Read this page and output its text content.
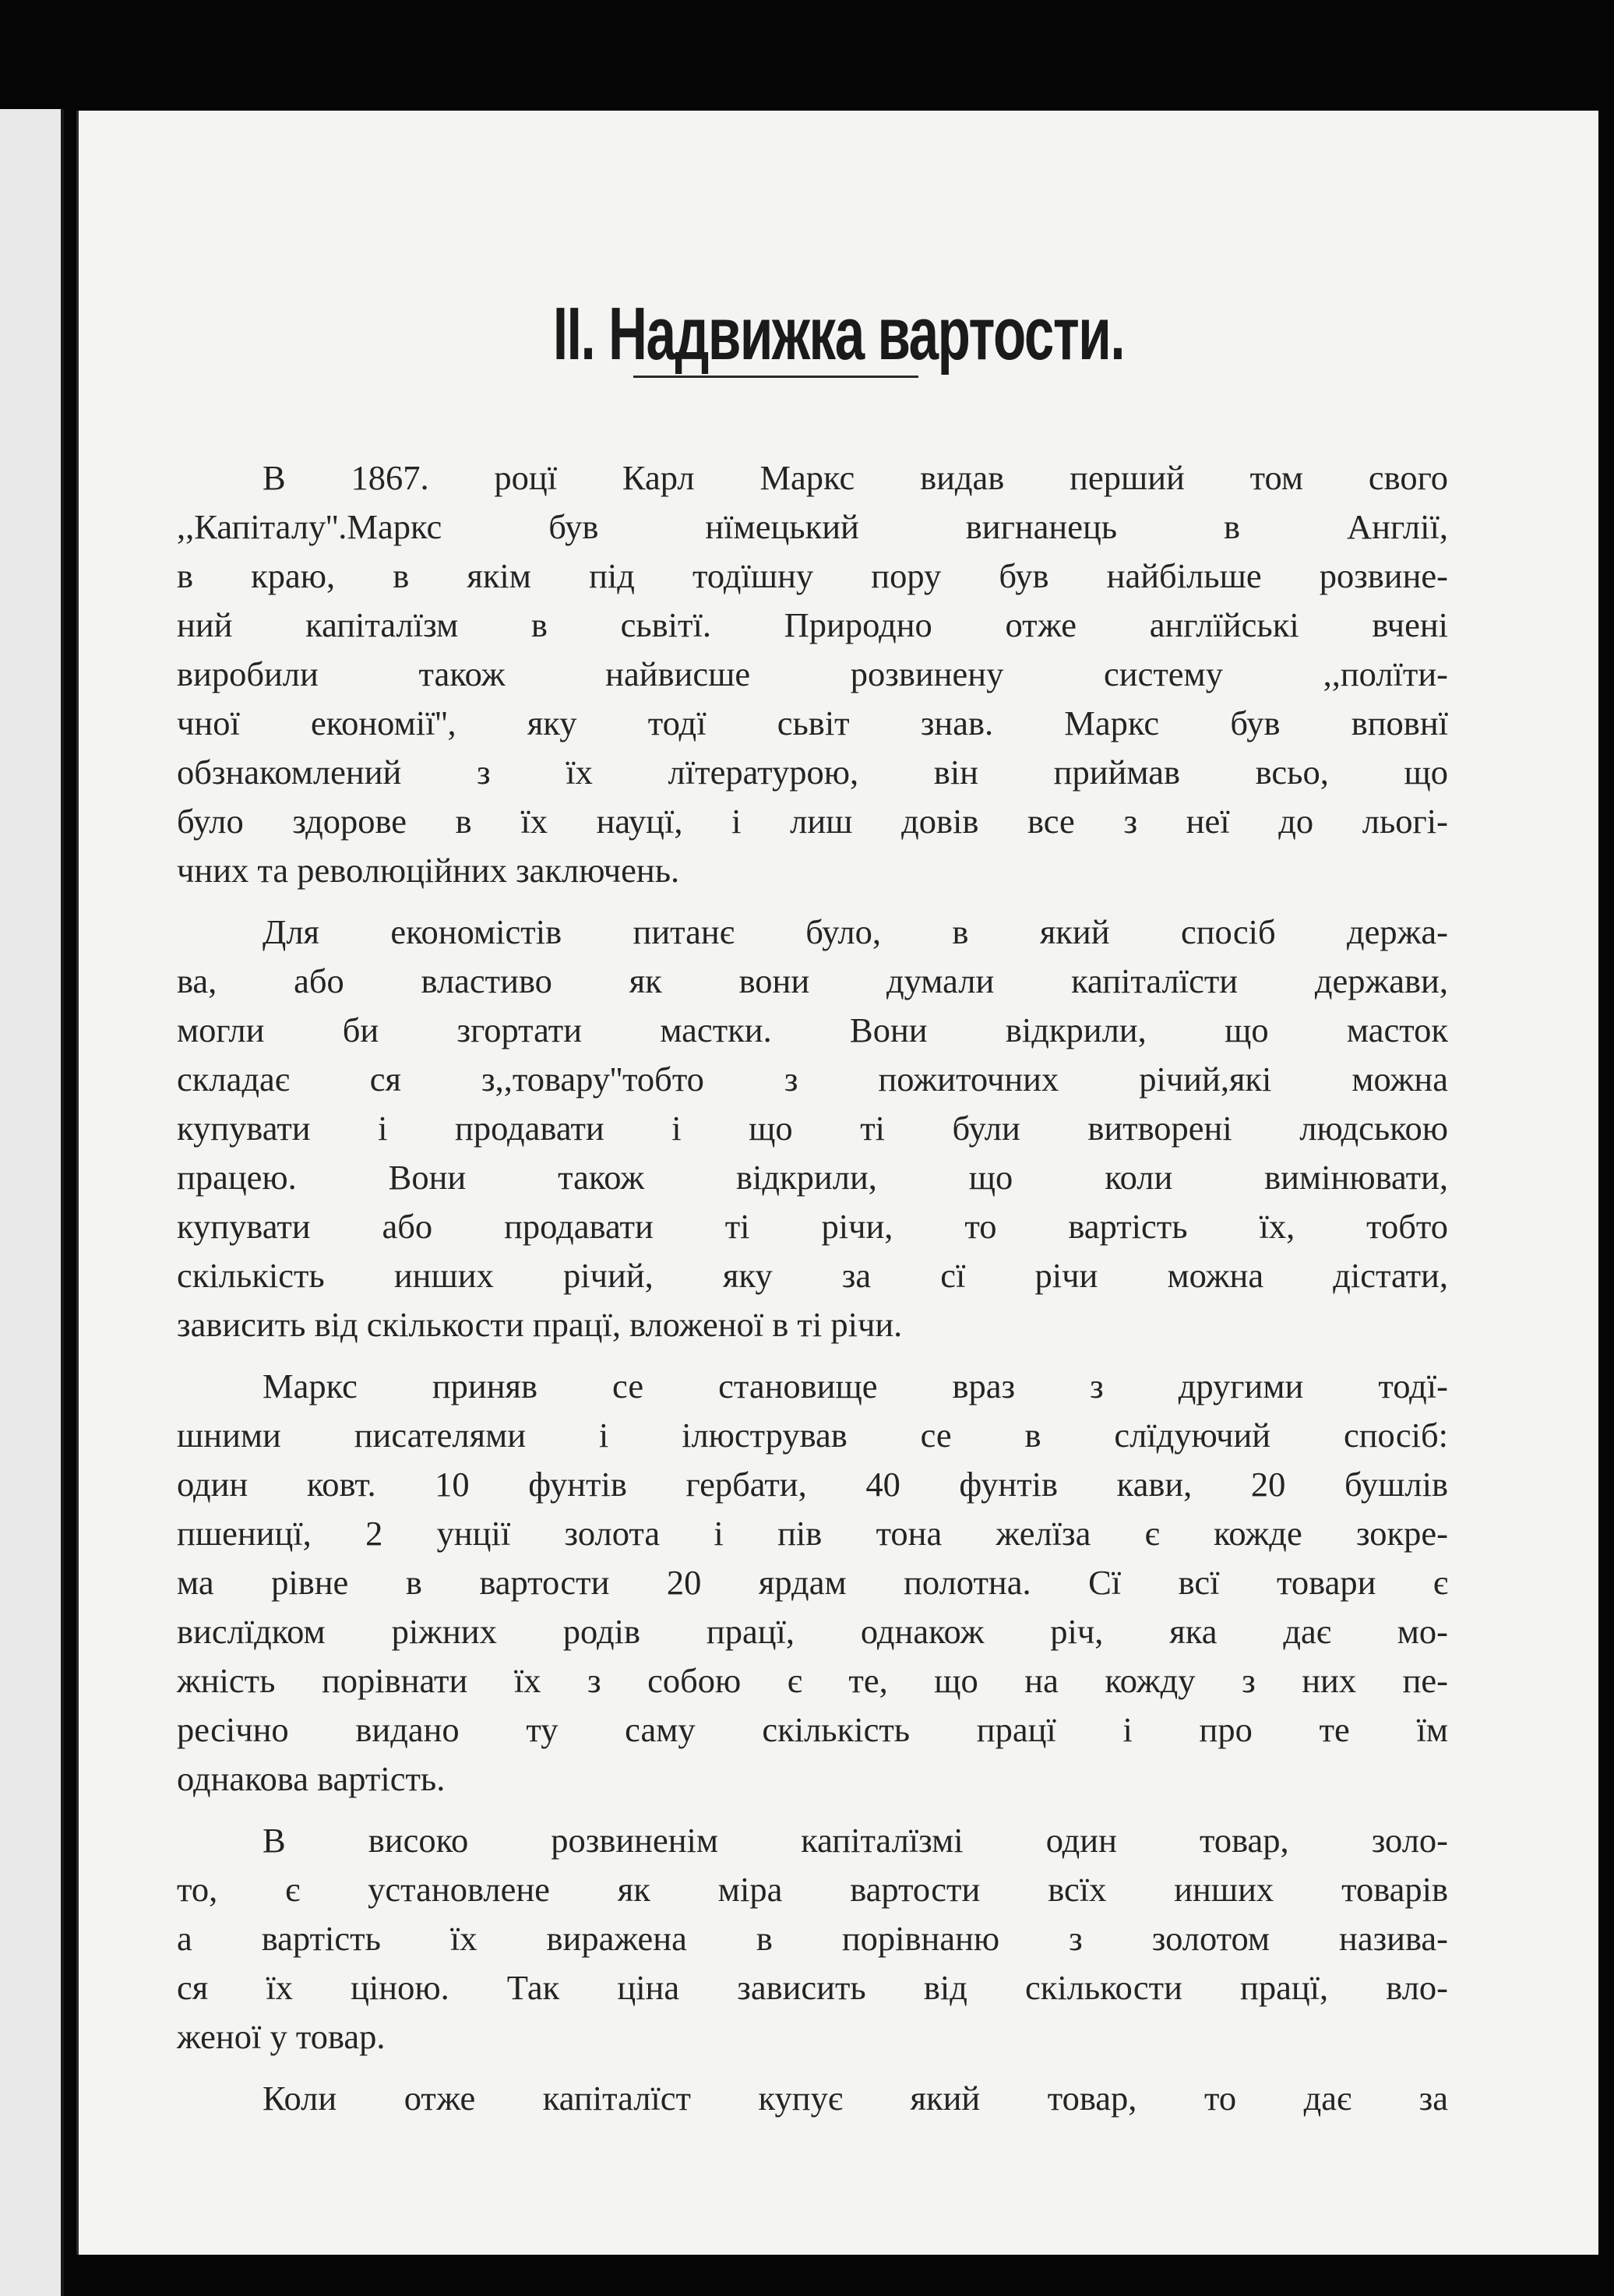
II. Надвижка вартости.

В 1867. роцї Карл Маркс видав перший том свого
,,Капіталу''.Маркс був нїмецький вигнанець в Англії,
в краю, в якім під тодїшну пору був найбільше розвине-
ний капіталїзм в сьвітї. Природно отже англїйські вчені
виробили також найвисше розвинену систему ,,полїти-
чної економії'', яку тодї сьвіт знав. Маркс був вповнї
обзнакомлений з їх лїтературою, він приймав всьо, що
було здорове в їх науцї, і лиш довів все з неї до льогі-
чних та революційних заключень.

Для економістів питанє було, в який спосіб держа-
ва, або властиво як вони думали капіталїсти держави,
могли би згортати мастки. Вони відкрили, що масток
складає ся з,,товару''тобто з пожиточних річий,які можна
купувати і продавати і що ті були витворені людською
працею. Вони також відкрили, що коли вимінювати,
купувати або продавати ті річи, то вартість їх, тобто
скількість инших річий, яку за сї річи можна дістати,
зависить від скількости працї, вложеної в ті річи.

Маркс приняв се становище враз з другими тодї-
шними писателями і ілюстрував се в слїдуючий спосіб:
один ковт. 10 фунтів гербати, 40 фунтів кави, 20 бушлів
пшеницї, 2 унції золота і пів тона желїза є кожде зокре-
ма рівне в вартости 20 ярдам полотна. Сї всї товари є
вислїдком ріжних родів працї, однакож річ, яка дає мо-
жність порівнати їх з собою є те, що на кожду з них пе-
ресічно видано ту саму скількість працї і про те їм
однакова вартість.

В високо розвиненім капіталїзмі один товар, золо-
то, є установлене як міра вартости всїх инших товарів
а вартість їх виражена в порівнаню з золотом назива-
ся їх ціною. Так ціна зависить від скількости працї, вло-
женої у товар.

Коли отже капіталїст купує який товар, то дає за
